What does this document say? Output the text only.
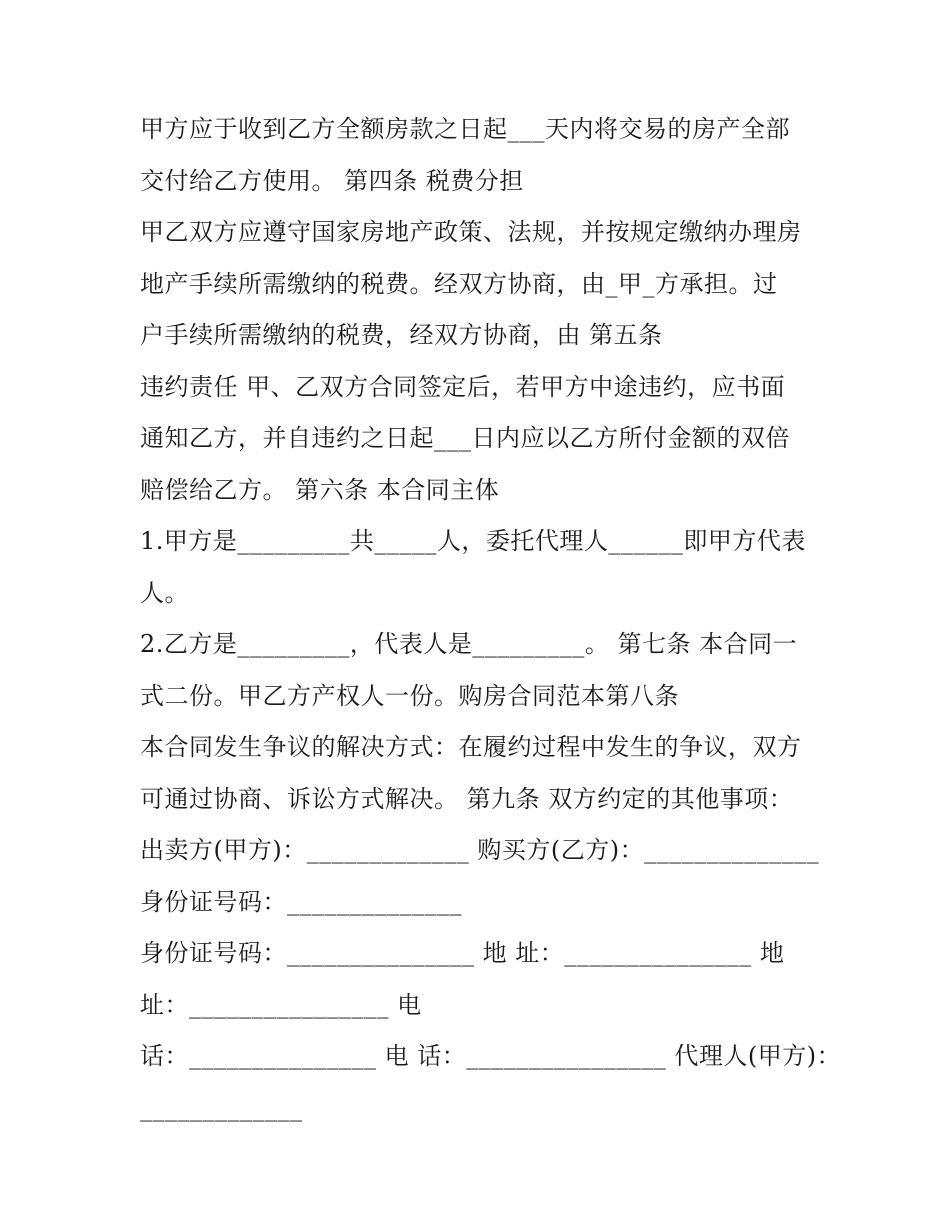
甲方应于收到乙方全额房款之日起___天内将交易的房产全部
交付给乙方使用。 第四条 税费分担
甲乙双方应遵守国家房地产政策、法规，并按规定缴纳办理房
地产手续所需缴纳的税费。经双方协商，由_甲_方承担。过
户手续所需缴纳的税费，经双方协商，由 第五条
违约责任 甲、乙双方合同签定后，若甲方中途违约，应书面
通知乙方，并自违约之日起___日内应以乙方所付金额的双倍
赔偿给乙方。 第六条 本合同主体
1.甲方是_________共_____人，委托代理人______即甲方代表
人。
2.乙方是_________，代表人是_________。 第七条 本合同一
式二份。甲乙方产权人一份。购房合同范本第八条
本合同发生争议的解决方式：在履约过程中发生的争议，双方
可通过协商、诉讼方式解决。 第九条 双方约定的其他事项：
出卖方(甲方)：_____________ 购买方(乙方)：______________
身份证号码：______________
身份证号码：_______________ 地 址：_______________ 地
址：________________ 电
话：_______________ 电 话：________________ 代理人(甲方)：
_____________
